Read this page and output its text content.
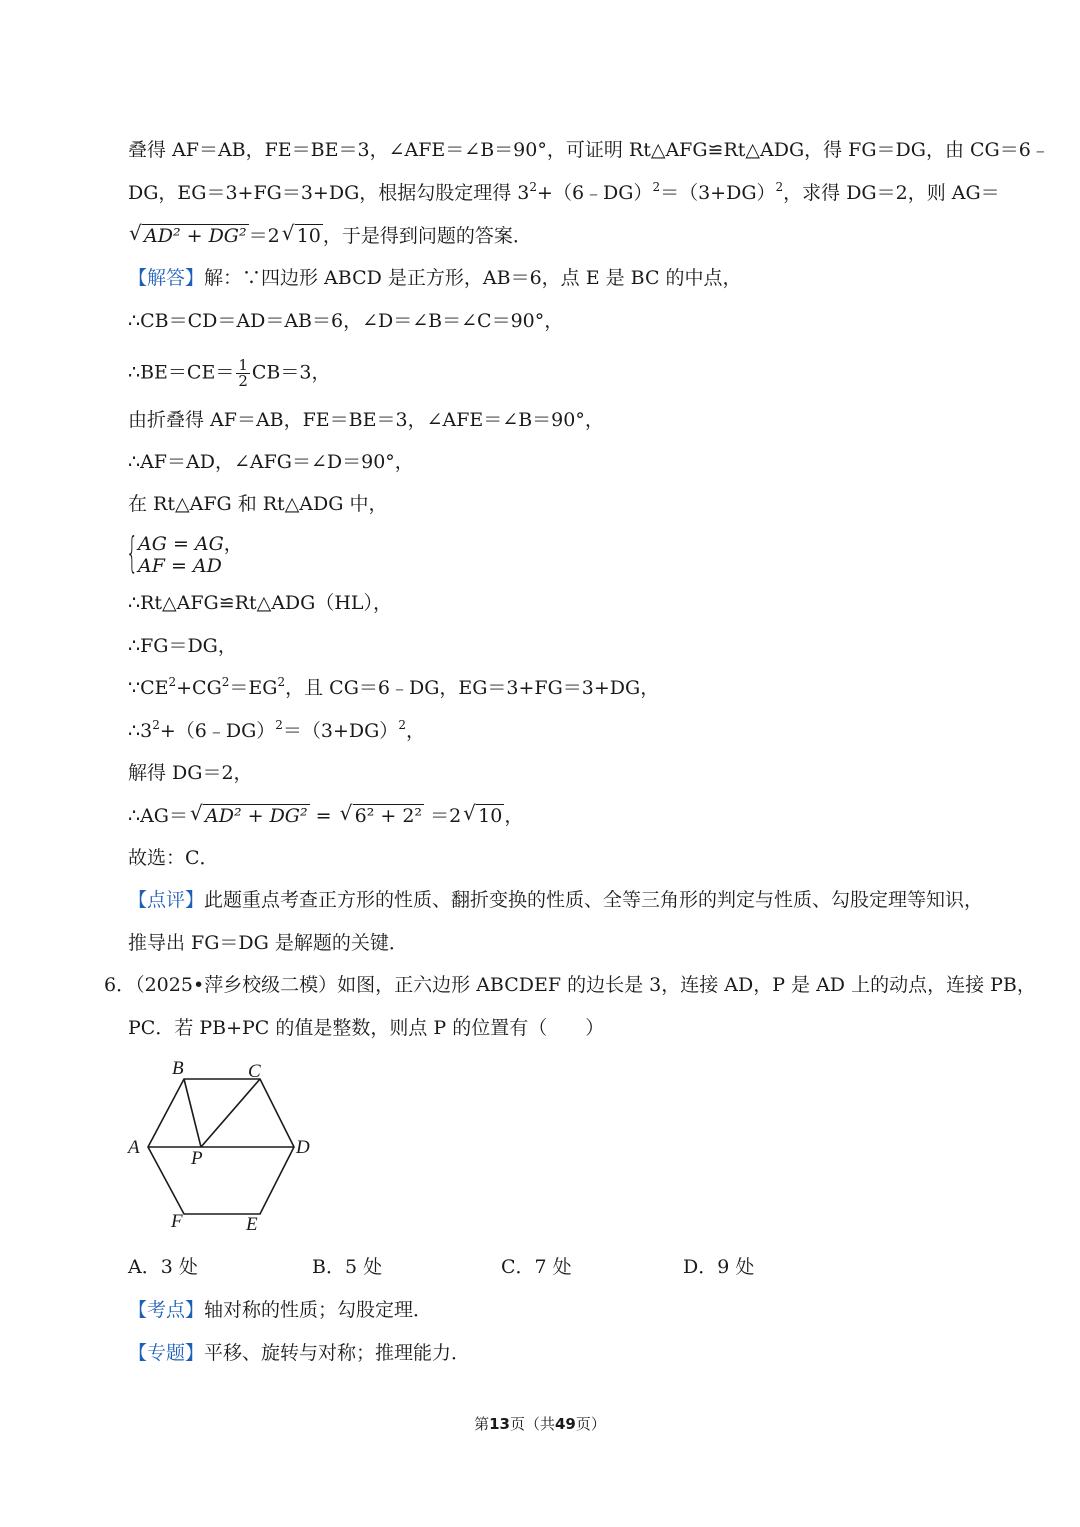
叠得 AF＝AB，FE＝BE＝3，∠AFE＝∠B＝90°，可证明 Rt△AFG≌Rt△ADG，得 FG＝DG，由 CG＝6﹣
DG，EG＝3+FG＝3+DG，根据勾股定理得 $3^2+(6﹣DG)^2=(3+DG)^2$，求得 DG＝2，则 AG＝
√ AD² + DG² ＝2 √ 10 ，于是得到问题的答案．
【解答】解：∵四边形 ABCD 是正方形，AB＝6，点 E 是 BC 的中点，
∴CB＝CD＝AD＝AB＝6，∠D＝∠B＝∠C＝90°，
∴BE＝CE＝ $\frac{1}{2} CB=3$，
由折叠得 AF＝AB，FE＝BE＝3，∠AFE＝∠B＝90°，
∴AF＝AD，∠AFG＝∠D＝90°，
在 Rt△AFG 和 Rt△ADG 中，
{ AG = AG，
AF = AD
∴Rt△AFG≌Rt△ADG（HL），
∴FG＝DG，
$\because CE^2+CG^2=EG^2$，且 CG＝6﹣DG，EG＝3+FG＝3+DG，
$\therefore 3^2+(6﹣DG)^2=(3+DG)^2$，
解得 DG＝2，
∴AG＝ √ AD² + DG² = √ 6² + 2² ＝2 √ 10 ，
故选：C．
【点评】此题重点考查正方形的性质、翻折变换的性质、全等三角形的判定与性质、勾股定理等知识，
推导出 FG＝DG 是解题的关键．
6．（2025•萍乡校级二模）如图，正六边形 ABCDEF 的边长是 3，连接 AD，P 是 AD 上的动点，连接 PB，
PC．若 PB+PC 的值是整数，则点 P 的位置有（　　）
B	C
A	D
P
F	E
A．3 处	B．5 处	C．7 处	D．9 处
【考点】轴对称的性质；勾股定理．
【专题】平移、旋转与对称；推理能力．
第13页（共49页）
